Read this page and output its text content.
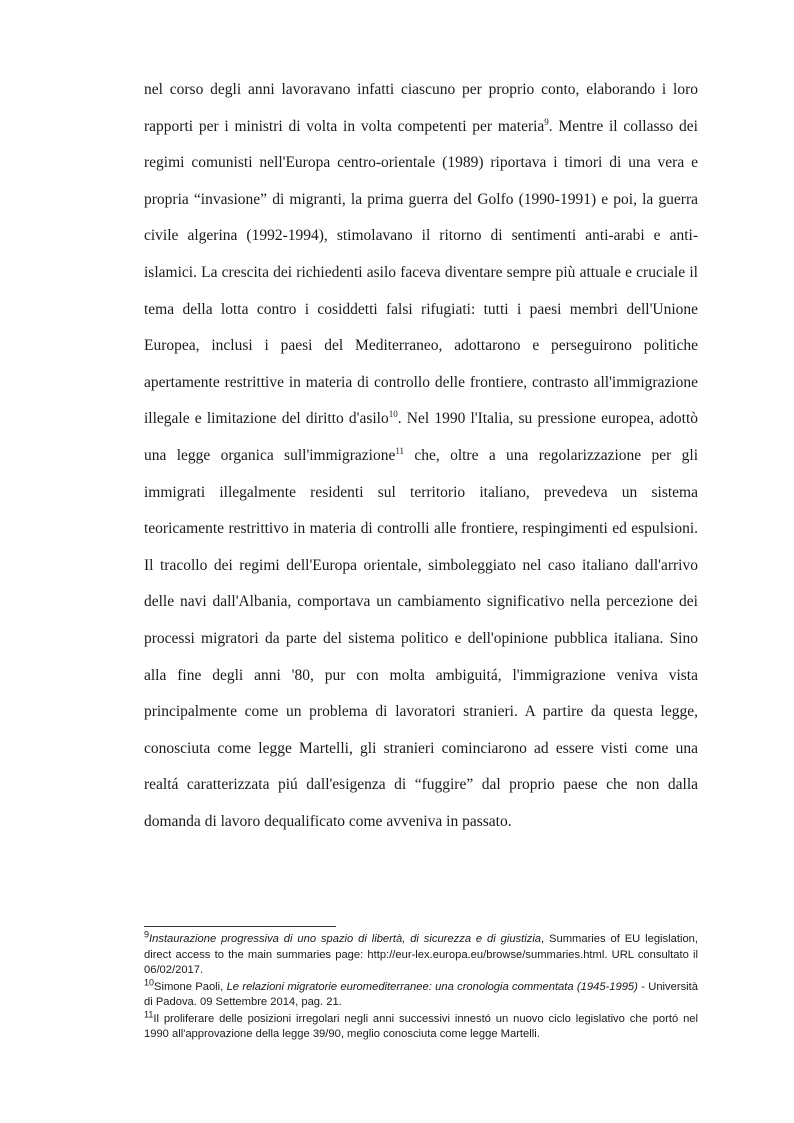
nel corso degli anni lavoravano infatti ciascuno per proprio conto, elaborando i loro rapporti per i ministri di volta in volta competenti per materia$^9$. Mentre il collasso dei regimi comunisti nell'Europa centro-orientale (1989) riportava i timori di una vera e propria “invasione” di migranti, la prima guerra del Golfo (1990-1991) e poi, la guerra civile algerina (1992-1994), stimolavano il ritorno di sentimenti anti-arabi e anti-islamici. La crescita dei richiedenti asilo faceva diventare sempre più attuale e cruciale il tema della lotta contro i cosiddetti falsi rifugiati: tutti i paesi membri dell'Unione Europea, inclusi i paesi del Mediterraneo, adottarono e perseguirono politiche apertamente restrittive in materia di controllo delle frontiere, contrasto all'immigrazione illegale e limitazione del diritto d'asilo$^{10}$. Nel 1990 l'Italia, su pressione europea, adottò una legge organica sull'immigrazione$^{11}$ che, oltre a una regolarizzazione per gli immigrati illegalmente residenti sul territorio italiano, prevedeva un sistema teoricamente restrittivo in materia di controlli alle frontiere, respingimenti ed espulsioni. Il tracollo dei regimi dell'Europa orientale, simboleggiato nel caso italiano dall'arrivo delle navi dall'Albania, comportava un cambiamento significativo nella percezione dei processi migratori da parte del sistema politico e dell'opinione pubblica italiana. Sino alla fine degli anni '80, pur con molta ambiguitá, l'immigrazione veniva vista principalmente come un problema di lavoratori stranieri. A partire da questa legge, conosciuta come legge Martelli, gli stranieri cominciarono ad essere visti come una realtá caratterizzata piú dall'esigenza di “fuggire” dal proprio paese che non dalla domanda di lavoro dequalificato come avveniva in passato.

$^9$Instaurazione progressiva di uno spazio di libertà, di sicurezza e di giustizia, Summaries of EU legislation, direct access to the main summaries page: http://eur-lex.europa.eu/browse/summaries.html. URL consultato il 06/02/2017.

$^{10}$Simone Paoli, Le relazioni migratorie euromediterranee: una cronologia commentata (1945-1995) - Università di Padova. 09 Settembre 2014, pag. 21.

$^{11}$Il proliferare delle posizioni irregolari negli anni successivi innestó un nuovo ciclo legislativo che portó nel 1990 all'approvazione della legge 39/90, meglio conosciuta come legge Martelli.
